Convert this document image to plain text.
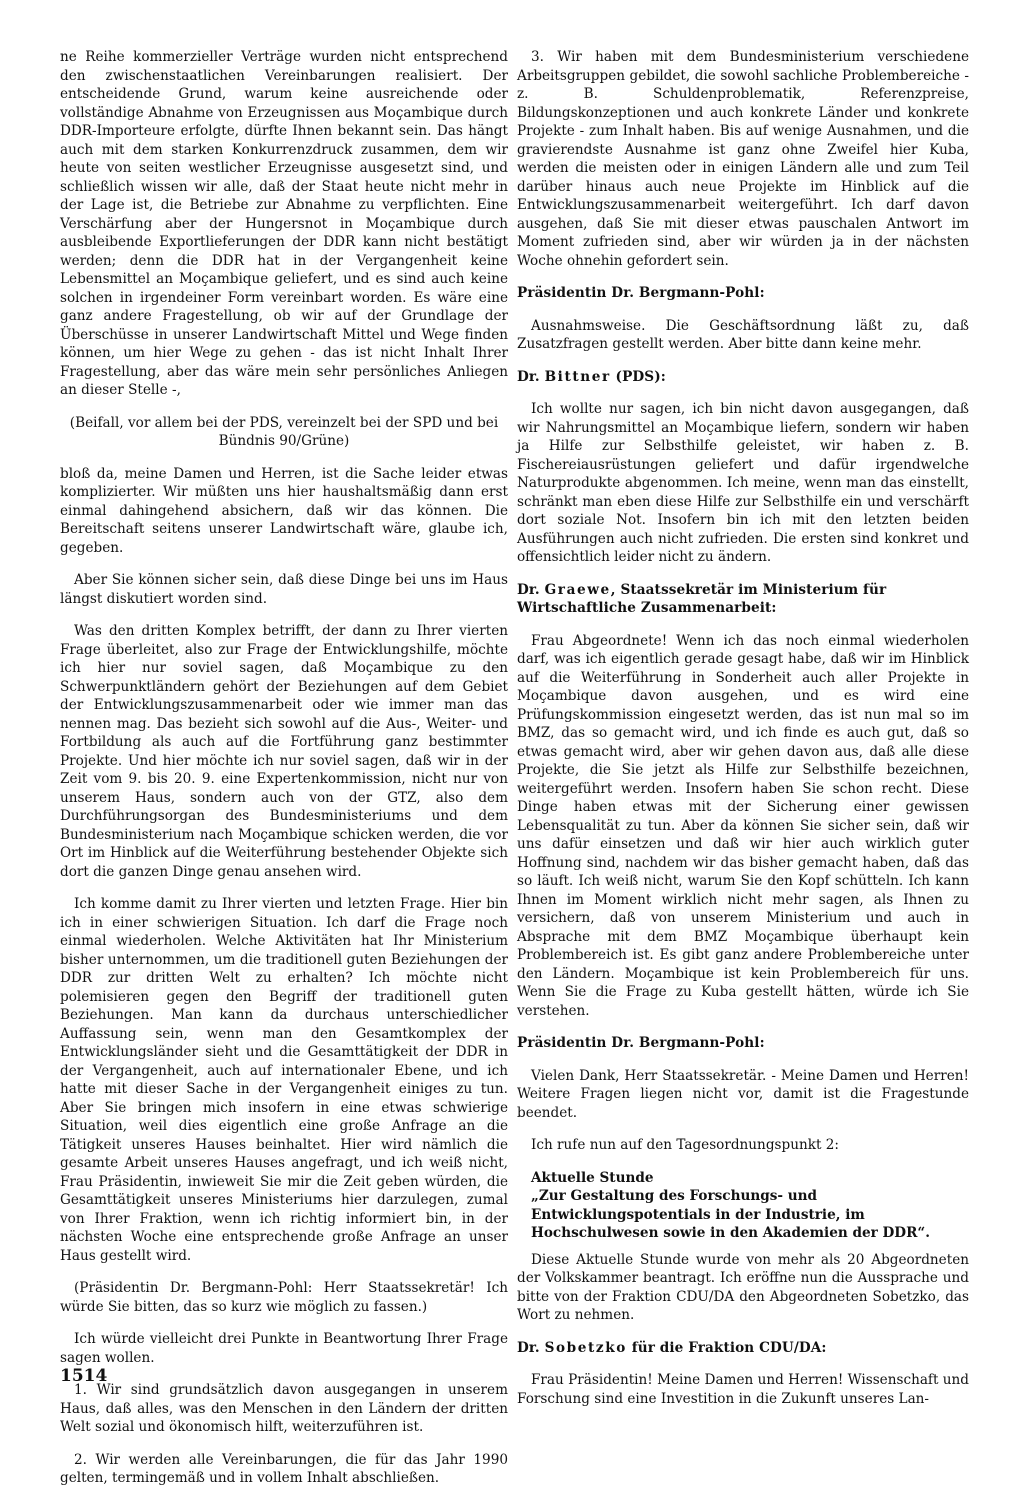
ne Reihe kommerzieller Verträge wurden nicht entsprechend den zwischenstaatlichen Vereinbarungen realisiert. Der entscheidende Grund, warum keine ausreichende oder vollständige Abnahme von Erzeugnissen aus Moçambique durch DDR-Importeure erfolgte, dürfte Ihnen bekannt sein. Das hängt auch mit dem starken Konkurrenzdruck zusammen, dem wir heute von seiten westlicher Erzeugnisse ausgesetzt sind, und schließlich wissen wir alle, daß der Staat heute nicht mehr in der Lage ist, die Betriebe zur Abnahme zu verpflichten. Eine Verschärfung aber der Hungersnot in Moçambique durch ausbleibende Exportlieferungen der DDR kann nicht bestätigt werden; denn die DDR hat in der Vergangenheit keine Lebensmittel an Moçambique geliefert, und es sind auch keine solchen in irgendeiner Form vereinbart worden. Es wäre eine ganz andere Fragestellung, ob wir auf der Grundlage der Überschüsse in unserer Landwirtschaft Mittel und Wege finden können, um hier Wege zu gehen - das ist nicht Inhalt Ihrer Fragestellung, aber das wäre mein sehr persönliches Anliegen an dieser Stelle -,

(Beifall, vor allem bei der PDS, vereinzelt bei der SPD und bei Bündnis 90/Grüne)

bloß da, meine Damen und Herren, ist die Sache leider etwas komplizierter. Wir müßten uns hier haushaltsmäßig dann erst einmal dahingehend absichern, daß wir das können. Die Bereitschaft seitens unserer Landwirtschaft wäre, glaube ich, gegeben.

Aber Sie können sicher sein, daß diese Dinge bei uns im Haus längst diskutiert worden sind.

Was den dritten Komplex betrifft, der dann zu Ihrer vierten Frage überleitet, also zur Frage der Entwicklungshilfe, möchte ich hier nur soviel sagen, daß Moçambique zu den Schwerpunktländern gehört der Beziehungen auf dem Gebiet der Entwicklungszusammenarbeit oder wie immer man das nennen mag. Das bezieht sich sowohl auf die Aus-, Weiter- und Fortbildung als auch auf die Fortführung ganz bestimmter Projekte. Und hier möchte ich nur soviel sagen, daß wir in der Zeit vom 9. bis 20. 9. eine Expertenkommission, nicht nur von unserem Haus, sondern auch von der GTZ, also dem Durchführungsorgan des Bundesministeriums und dem Bundesministerium nach Moçambique schicken werden, die vor Ort im Hinblick auf die Weiterführung bestehender Objekte sich dort die ganzen Dinge genau ansehen wird.

Ich komme damit zu Ihrer vierten und letzten Frage. Hier bin ich in einer schwierigen Situation. Ich darf die Frage noch einmal wiederholen. Welche Aktivitäten hat Ihr Ministerium bisher unternommen, um die traditionell guten Beziehungen der DDR zur dritten Welt zu erhalten? Ich möchte nicht polemisieren gegen den Begriff der traditionell guten Beziehungen. Man kann da durchaus unterschiedlicher Auffassung sein, wenn man den Gesamtkomplex der Entwicklungsländer sieht und die Gesamttätigkeit der DDR in der Vergangenheit, auch auf internationaler Ebene, und ich hatte mit dieser Sache in der Vergangenheit einiges zu tun. Aber Sie bringen mich insofern in eine etwas schwierige Situation, weil dies eigentlich eine große Anfrage an die Tätigkeit unseres Hauses beinhaltet. Hier wird nämlich die gesamte Arbeit unseres Hauses angefragt, und ich weiß nicht, Frau Präsidentin, inwieweit Sie mir die Zeit geben würden, die Gesamttätigkeit unseres Ministeriums hier darzulegen, zumal von Ihrer Fraktion, wenn ich richtig informiert bin, in der nächsten Woche eine entsprechende große Anfrage an unser Haus gestellt wird.

(Präsidentin Dr. Bergmann-Pohl: Herr Staatssekretär! Ich würde Sie bitten, das so kurz wie möglich zu fassen.)

Ich würde vielleicht drei Punkte in Beantwortung Ihrer Frage sagen wollen.

1. Wir sind grundsätzlich davon ausgegangen in unserem Haus, daß alles, was den Menschen in den Ländern der dritten Welt sozial und ökonomisch hilft, weiterzuführen ist.

2. Wir werden alle Vereinbarungen, die für das Jahr 1990 gelten, termingemäß und in vollem Inhalt abschließen.

3. Wir haben mit dem Bundesministerium verschiedene Arbeitsgruppen gebildet, die sowohl sachliche Problembereiche - z. B. Schuldenproblematik, Referenzpreise, Bildungskonzeptionen und auch konkrete Länder und konkrete Projekte - zum Inhalt haben. Bis auf wenige Ausnahmen, und die gravierendste Ausnahme ist ganz ohne Zweifel hier Kuba, werden die meisten oder in einigen Ländern alle und zum Teil darüber hinaus auch neue Projekte im Hinblick auf die Entwicklungszusammenarbeit weitergeführt. Ich darf davon ausgehen, daß Sie mit dieser etwas pauschalen Antwort im Moment zufrieden sind, aber wir würden ja in der nächsten Woche ohnehin gefordert sein.

Präsidentin Dr. Bergmann-Pohl:

Ausnahmsweise. Die Geschäftsordnung läßt zu, daß Zusatzfragen gestellt werden. Aber bitte dann keine mehr.

Dr. Bittner (PDS):

Ich wollte nur sagen, ich bin nicht davon ausgegangen, daß wir Nahrungsmittel an Moçambique liefern, sondern wir haben ja Hilfe zur Selbsthilfe geleistet, wir haben z. B. Fischereiausrüstungen geliefert und dafür irgendwelche Naturprodukte abgenommen. Ich meine, wenn man das einstellt, schränkt man eben diese Hilfe zur Selbsthilfe ein und verschärft dort soziale Not. Insofern bin ich mit den letzten beiden Ausführungen auch nicht zufrieden. Die ersten sind konkret und offensichtlich leider nicht zu ändern.

Dr. Graewe, Staatssekretär im Ministerium für Wirtschaftliche Zusammenarbeit:

Frau Abgeordnete! Wenn ich das noch einmal wiederholen darf, was ich eigentlich gerade gesagt habe, daß wir im Hinblick auf die Weiterführung in Sonderheit auch aller Projekte in Moçambique davon ausgehen, und es wird eine Prüfungskommission eingesetzt werden, das ist nun mal so im BMZ, das so gemacht wird, und ich finde es auch gut, daß so etwas gemacht wird, aber wir gehen davon aus, daß alle diese Projekte, die Sie jetzt als Hilfe zur Selbsthilfe bezeichnen, weitergeführt werden. Insofern haben Sie schon recht. Diese Dinge haben etwas mit der Sicherung einer gewissen Lebensqualität zu tun. Aber da können Sie sicher sein, daß wir uns dafür einsetzen und daß wir hier auch wirklich guter Hoffnung sind, nachdem wir das bisher gemacht haben, daß das so läuft. Ich weiß nicht, warum Sie den Kopf schütteln. Ich kann Ihnen im Moment wirklich nicht mehr sagen, als Ihnen zu versichern, daß von unserem Ministerium und auch in Absprache mit dem BMZ Moçambique überhaupt kein Problembereich ist. Es gibt ganz andere Problembereiche unter den Ländern. Moçambique ist kein Problembereich für uns. Wenn Sie die Frage zu Kuba gestellt hätten, würde ich Sie verstehen.

Präsidentin Dr. Bergmann-Pohl:

Vielen Dank, Herr Staatssekretär. - Meine Damen und Herren! Weitere Fragen liegen nicht vor, damit ist die Fragestunde beendet.

Ich rufe nun auf den Tagesordnungspunkt 2:

Aktuelle Stunde

„Zur Gestaltung des Forschungs- und Entwicklungspotentials in der Industrie, im Hochschulwesen sowie in den Akademien der DDR“.

Diese Aktuelle Stunde wurde von mehr als 20 Abgeordneten der Volkskammer beantragt. Ich eröffne nun die Aussprache und bitte von der Fraktion CDU/DA den Abgeordneten Sobetzko, das Wort zu nehmen.

Dr. Sobetzko für die Fraktion CDU/DA:

Frau Präsidentin! Meine Damen und Herren! Wissenschaft und Forschung sind eine Investition in die Zukunft unseres Lan-

1514
